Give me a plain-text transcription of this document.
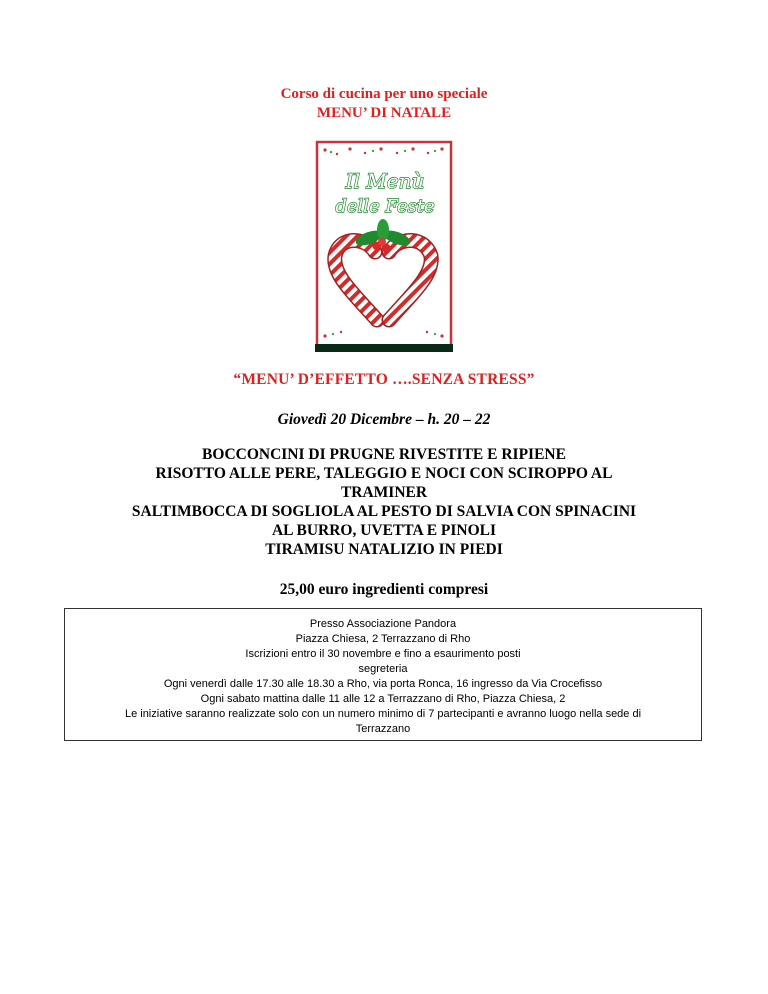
Corso di cucina per uno speciale
MENU’ DI NATALE
Il Menù
delle Feste
“MENU’ D’EFFETTO ….SENZA STRESS”
Giovedì 20 Dicembre – h. 20 – 22
BOCCONCINI DI PRUGNE RIVESTITE E RIPIENE
RISOTTO ALLE PERE, TALEGGIO E NOCI CON SCIROPPO AL
TRAMINER
SALTIMBOCCA DI SOGLIOLA AL PESTO DI SALVIA CON SPINACINI
AL BURRO, UVETTA E PINOLI
TIRAMISU NATALIZIO IN PIEDI
25,00 euro ingredienti compresi
Presso Associazione Pandora
Piazza Chiesa, 2 Terrazzano di Rho
Iscrizioni entro il 30 novembre e fino a esaurimento posti
segreteria
Ogni venerdì dalle 17.30 alle 18.30 a Rho, via porta Ronca, 16 ingresso da Via Crocefisso
Ogni sabato mattina dalle 11 alle 12 a Terrazzano di Rho, Piazza Chiesa, 2
Le iniziative saranno realizzate solo con un numero minimo di 7 partecipanti e avranno luogo nella sede di
Terrazzano
